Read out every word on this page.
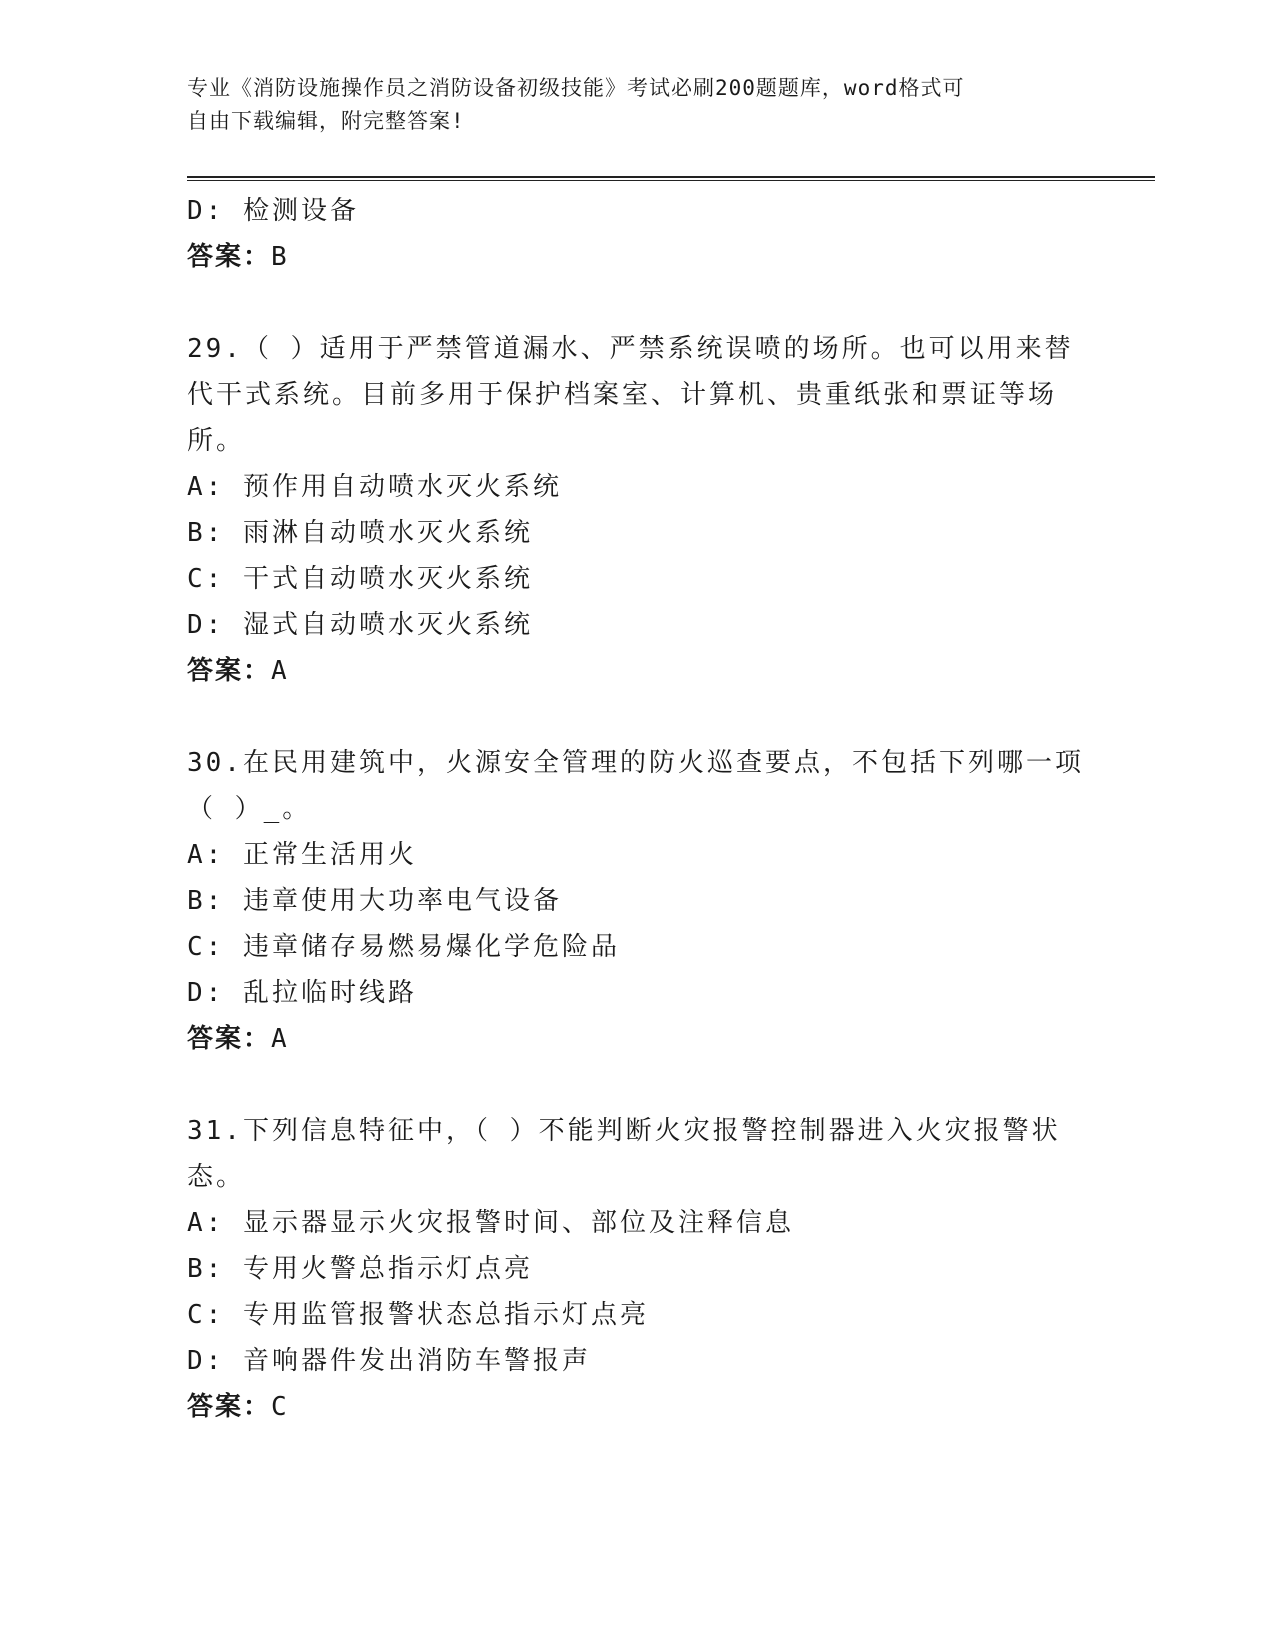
专业《消防设施操作员之消防设备初级技能》考试必刷200题题库，word格式可
自由下载编辑，附完整答案!
D: 检测设备
答案：B
29.（ ）适用于严禁管道漏水、严禁系统误喷的场所。也可以用来替
代干式系统。目前多用于保护档案室、计算机、贵重纸张和票证等场
所。
A: 预作用自动喷水灭火系统
B: 雨淋自动喷水灭火系统
C: 干式自动喷水灭火系统
D: 湿式自动喷水灭火系统
答案：A
30.在民用建筑中，火源安全管理的防火巡查要点，不包括下列哪一项
（ ）_。
A: 正常生活用火
B: 违章使用大功率电气设备
C: 违章储存易燃易爆化学危险品
D: 乱拉临时线路
答案：A
31.下列信息特征中，（ ）不能判断火灾报警控制器进入火灾报警状
态。
A: 显示器显示火灾报警时间、部位及注释信息
B: 专用火警总指示灯点亮
C: 专用监管报警状态总指示灯点亮
D: 音响器件发出消防车警报声
答案：C
